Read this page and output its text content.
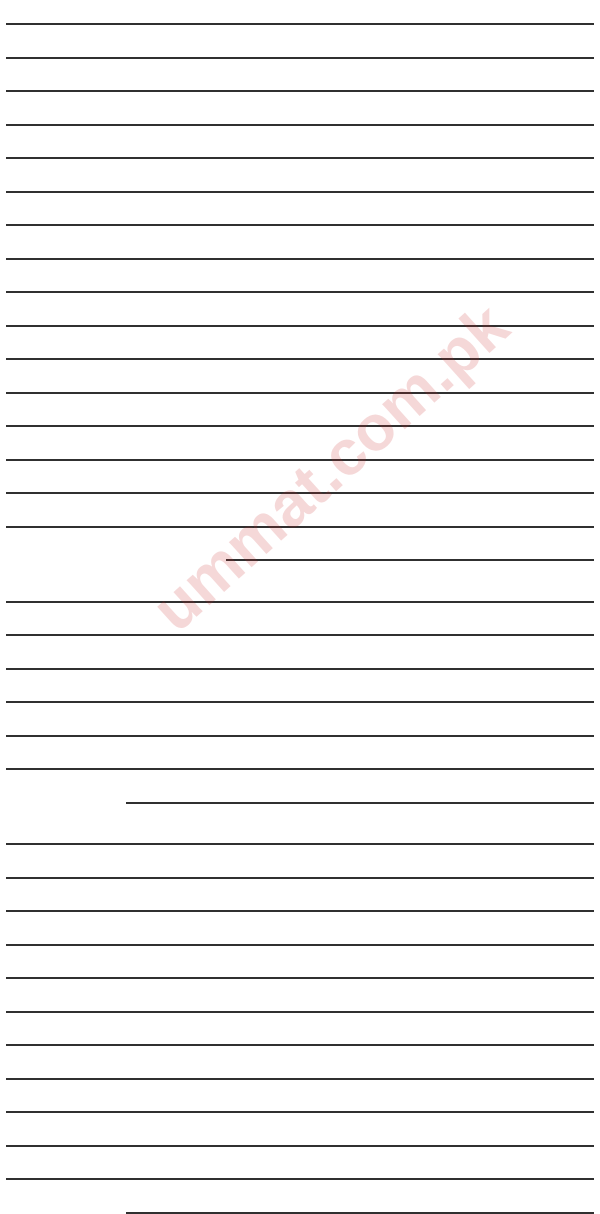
ummat.com.pk
